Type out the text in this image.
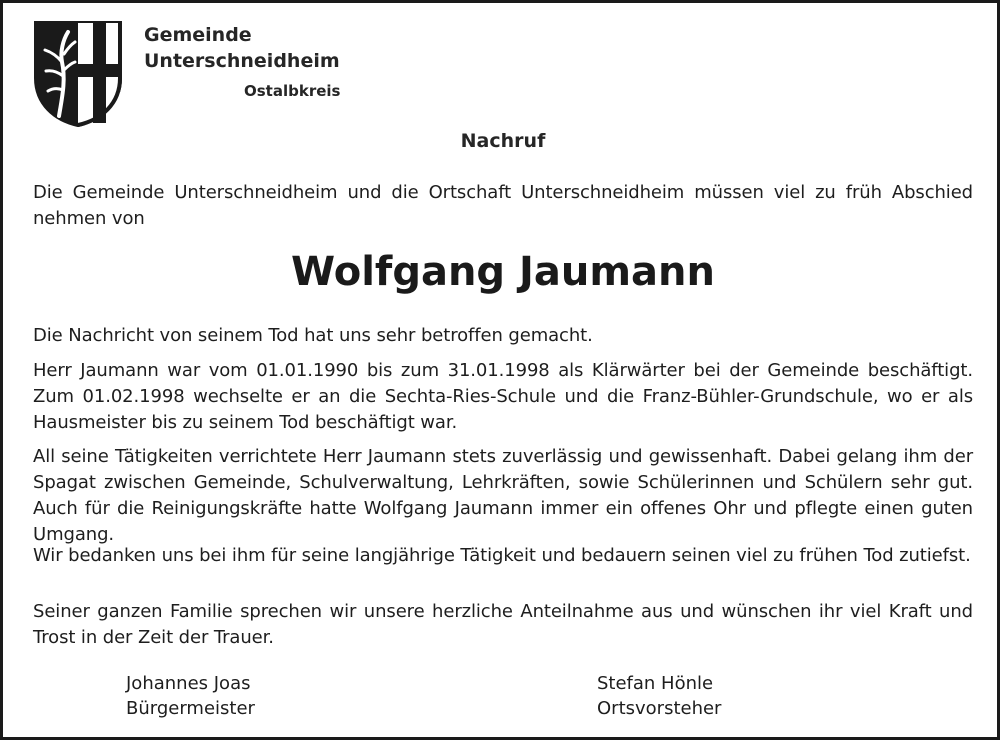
Gemeinde
Unterschneidheim
Ostalbkreis
Nachruf
Die Gemeinde Unterschneidheim und die Ortschaft Unterschneidheim müssen viel zu früh Abschied nehmen von
Wolfgang Jaumann
Die Nachricht von seinem Tod hat uns sehr betroffen gemacht.
Herr Jaumann war vom 01.01.1990 bis zum 31.01.1998 als Klärwärter bei der Gemeinde beschäftigt. Zum 01.02.1998 wechselte er an die Sechta-Ries-Schule und die Franz-Bühler-Grundschule, wo er als Hausmeister bis zu seinem Tod beschäftigt war.
All seine Tätigkeiten verrichtete Herr Jaumann stets zuverlässig und gewissenhaft. Dabei gelang ihm der Spagat zwischen Gemeinde, Schulverwaltung, Lehrkräften, sowie Schülerinnen und Schülern sehr gut. Auch für die Reinigungskräfte hatte Wolfgang Jaumann immer ein offenes Ohr und pflegte einen guten Umgang.
Wir bedanken uns bei ihm für seine langjährige Tätigkeit und bedauern seinen viel zu frühen Tod zutiefst.
Seiner ganzen Familie sprechen wir unsere herzliche Anteilnahme aus und wünschen ihr viel Kraft und Trost in der Zeit der Trauer.
Johannes Joas
Bürgermeister
Stefan Hönle
Ortsvorsteher
